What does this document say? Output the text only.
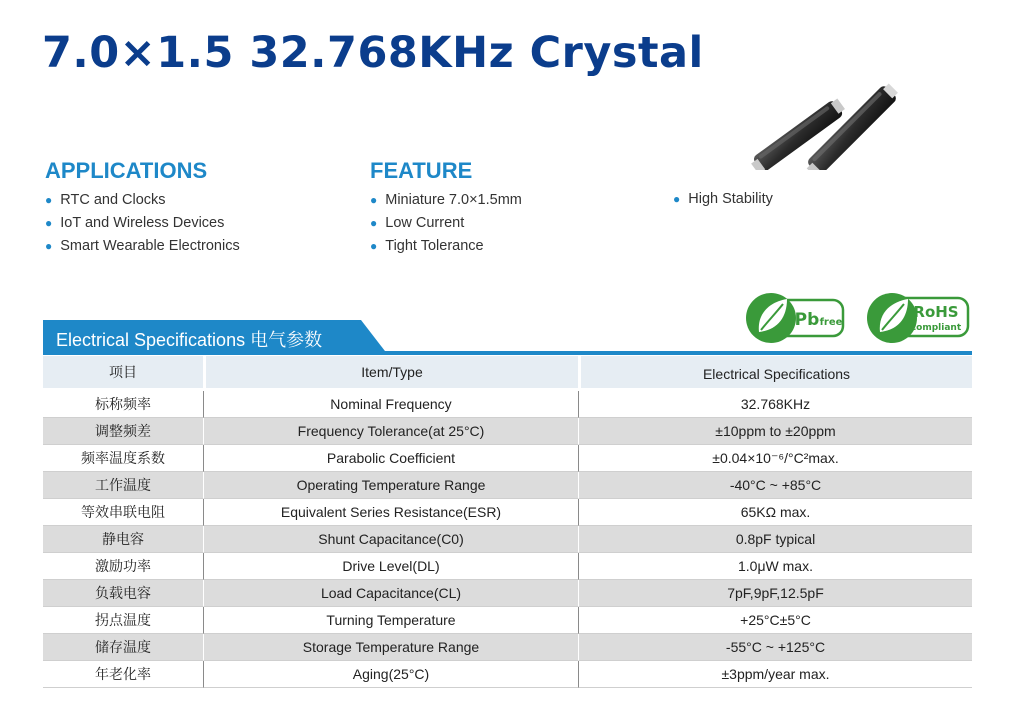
7.0×1.5 32.768KHz Crystal
APPLICATIONS
● RTC and Clocks
● IoT and Wireless Devices
● Smart Wearable Electronics
FEATURE
● Miniature 7.0×1.5mm
● Low Current
● Tight Tolerance
● High Stability
Pb free
RoHS
compliant
Electrical Specifications 电气参数
项目	Item/Type	Electrical Specifications
标称频率	Nominal Frequency	32.768KHz
调整频差	Frequency Tolerance(at 25°C)	±10ppm to ±20ppm
频率温度系数	Parabolic Coefficient	±0.04×10⁻⁶/°C²max.
工作温度	Operating Temperature Range	-40°C ~ +85°C
等效串联电阻	Equivalent Series Resistance(ESR)	65KΩ max.
静电容	Shunt Capacitance(C0)	0.8pF typical
激励功率	Drive Level(DL)	1.0μW max.
负载电容	Load Capacitance(CL)	7pF,9pF,12.5pF
拐点温度	Turning Temperature	+25°C±5°C
储存温度	Storage Temperature Range	-55°C ~ +125°C
年老化率	Aging(25°C)	±3ppm/year max.
